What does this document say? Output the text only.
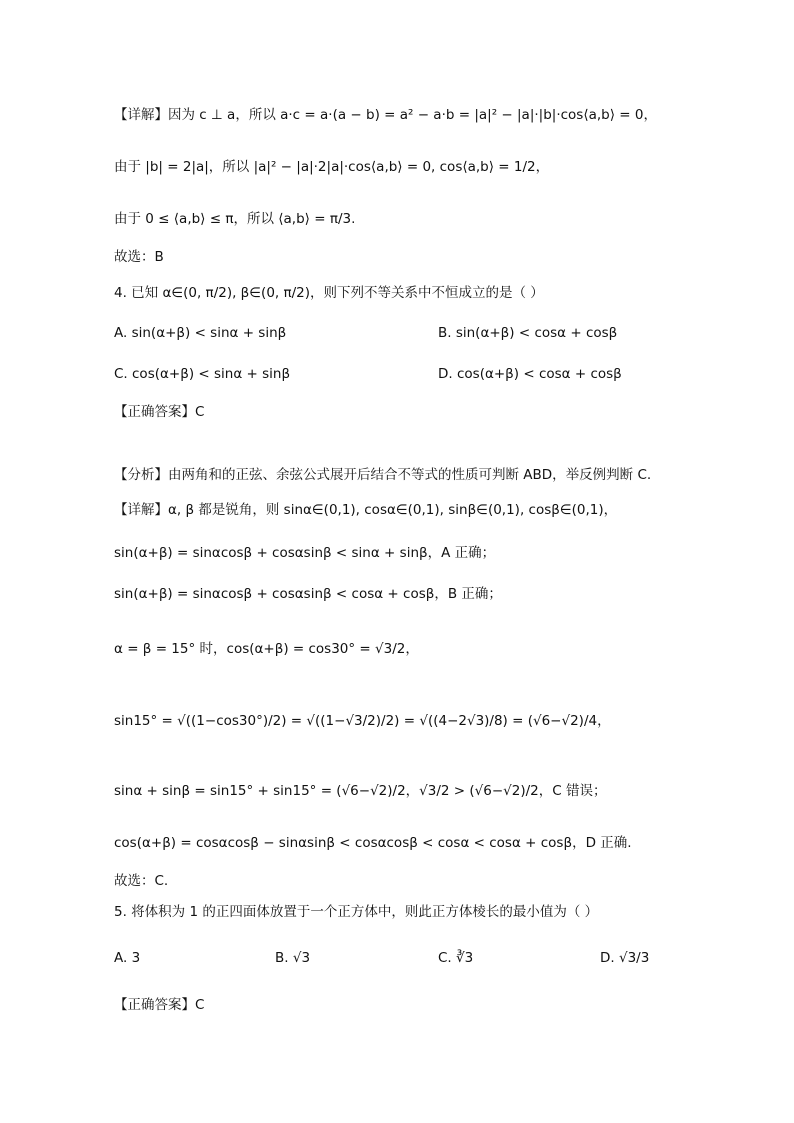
【详解】因为 c ⊥ a，所以 a·c = a·(a − b) = a² − a·b = |a|² − |a|·|b|·cos⟨a,b⟩ = 0，
由于 |b| = 2|a|，所以 |a|² − |a|·2|a|·cos⟨a,b⟩ = 0, cos⟨a,b⟩ = 1/2，
由于 0 ≤ ⟨a,b⟩ ≤ π，所以 ⟨a,b⟩ = π/3.
故选：B
4. 已知 α∈(0, π/2), β∈(0, π/2)，则下列不等关系中不恒成立的是（ ）
A. sin(α+β) < sinα + sinβ	B. sin(α+β) < cosα + cosβ
C. cos(α+β) < sinα + sinβ	D. cos(α+β) < cosα + cosβ
【正确答案】C
【分析】由两角和的正弦、余弦公式展开后结合不等式的性质可判断 ABD，举反例判断 C.
【详解】α, β 都是锐角，则 sinα∈(0,1), cosα∈(0,1), sinβ∈(0,1), cosβ∈(0,1)，
sin(α+β) = sinαcosβ + cosαsinβ < sinα + sinβ，A 正确；
sin(α+β) = sinαcosβ + cosαsinβ < cosα + cosβ，B 正确；
α = β = 15° 时，cos(α+β) = cos30° = √3/2，
sin15° = √((1−cos30°)/2) = √((1−√3/2)/2) = √((4−2√3)/8) = (√6−√2)/4，
sinα + sinβ = sin15° + sin15° = (√6−√2)/2，√3/2 > (√6−√2)/2，C 错误；
cos(α+β) = cosαcosβ − sinαsinβ < cosαcosβ < cosα < cosα + cosβ，D 正确.
故选：C.
5. 将体积为 1 的正四面体放置于一个正方体中，则此正方体棱长的最小值为（ ）
A. 3	B. √3	C. ∛3	D. √3/3
【正确答案】C
